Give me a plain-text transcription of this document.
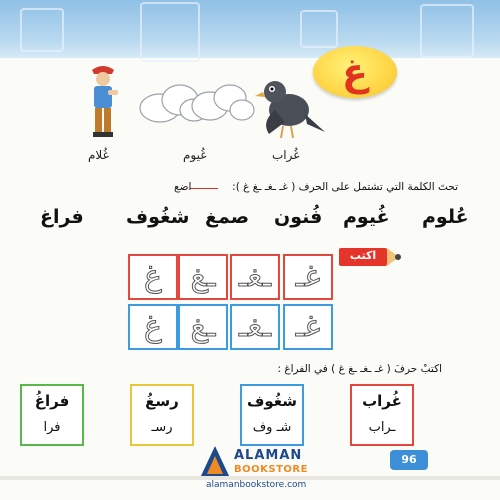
غ
غُراب
غُيوم
غُلام
تحتَ الكلمة التي تشتمل على الحرف ( غـ ـغـ ـغ غ ):
اضع
عُلوم
غُيوم
فُنون
صمغ
شغُوف
فراغ
اكتب
غـ
ـغـ
ـغ
غ
غـ
ـغـ
ـغ
غ
اكتبْ حرفَ ( غـ ـغـ ـغ غ ) في الفراغ :
غُراب
ـراب
شغُوف
شـ وف
رسغُ
رسـ
فراغُ
فرا
ALAMAN
BOOKSTORE
alamanbookstore.com
96
